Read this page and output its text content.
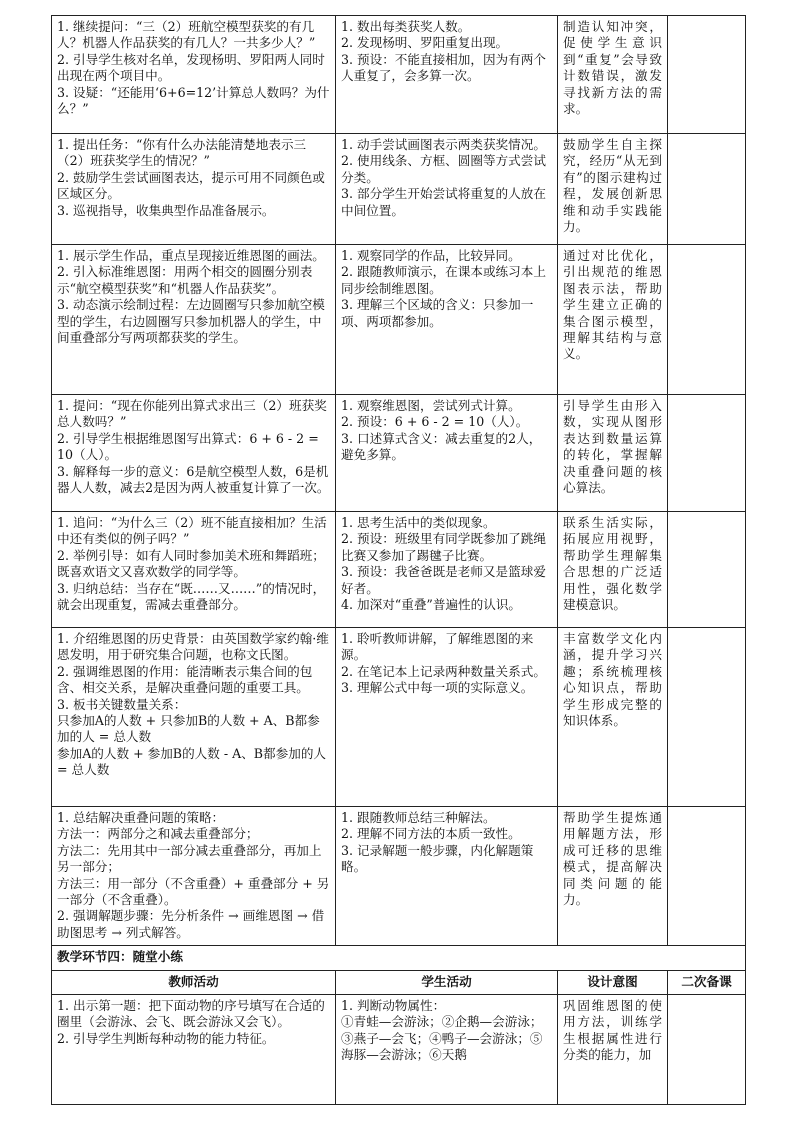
1. 继续提问：“三（2）班航空模型获奖的有几人？机器人作品获奖的有几人？一共多少人？”
2. 引导学生核对名单，发现杨明、罗阳两人同时出现在两个项目中。
3. 设疑：“还能用‘6+6=12’计算总人数吗？为什么？”	1. 数出每类获奖人数。
2. 发现杨明、罗阳重复出现。
3. 预设：不能直接相加，因为有两个人重复了，会多算一次。	制造认知冲突，促使学生意识到“重复”会导致计数错误，激发寻找新方法的需求。	

1. 提出任务：“你有什么办法能清楚地表示三（2）班获奖学生的情况？”
2. 鼓励学生尝试画图表达，提示可用不同颜色或区域区分。
3. 巡视指导，收集典型作品准备展示。	1. 动手尝试画图表示两类获奖情况。
2. 使用线条、方框、圆圈等方式尝试分类。
3. 部分学生开始尝试将重复的人放在中间位置。	鼓励学生自主探究，经历“从无到有”的图示建构过程，发展创新思维和动手实践能力。	

1. 展示学生作品，重点呈现接近维恩图的画法。
2. 引入标准维恩图：用两个相交的圆圈分别表示“航空模型获奖”和“机器人作品获奖”。
3. 动态演示绘制过程：左边圆圈写只参加航空模型的学生，右边圆圈写只参加机器人的学生，中间重叠部分写两项都获奖的学生。	1. 观察同学的作品，比较异同。
2. 跟随教师演示，在课本或练习本上同步绘制维恩图。
3. 理解三个区域的含义：只参加一项、两项都参加。	通过对比优化，引出规范的维恩图表示法，帮助学生建立正确的集合图示模型，理解其结构与意义。	

1. 提问：“现在你能列出算式求出三（2）班获奖总人数吗？”
2. 引导学生根据维恩图写出算式：6 + 6 - 2 = 10（人）。
3. 解释每一步的意义：6是航空模型人数，6是机器人人数，减去2是因为两人被重复计算了一次。	1. 观察维恩图，尝试列式计算。
2. 预设：6 + 6 - 2 = 10（人）。
3. 口述算式含义：减去重复的2人，避免多算。	引导学生由形入数，实现从图形表达到数量运算的转化，掌握解决重叠问题的核心算法。	

1. 追问：“为什么三（2）班不能直接相加？生活中还有类似的例子吗？”
2. 举例引导：如有人同时参加美术班和舞蹈班；既喜欢语文又喜欢数学的同学等。
3. 归纳总结：当存在“既……又……”的情况时，就会出现重复，需减去重叠部分。	1. 思考生活中的类似现象。
2. 预设：班级里有同学既参加了跳绳比赛又参加了踢毽子比赛。
3. 预设：我爸爸既是老师又是篮球爱好者。
4. 加深对“重叠”普遍性的认识。	联系生活实际，拓展应用视野，帮助学生理解集合思想的广泛适用性，强化数学建模意识。	

1. 介绍维恩图的历史背景：由英国数学家约翰·维恩发明，用于研究集合问题，也称文氏图。
2. 强调维恩图的作用：能清晰表示集合间的包含、相交关系，是解决重叠问题的重要工具。
3. 板书关键数量关系：
只参加A的人数 + 只参加B的人数 + A、B都参加的人 = 总人数
参加A的人数 + 参加B的人数 - A、B都参加的人 = 总人数	1. 聆听教师讲解，了解维恩图的来源。
2. 在笔记本上记录两种数量关系式。
3. 理解公式中每一项的实际意义。	丰富数学文化内涵，提升学习兴趣；系统梳理核心知识点，帮助学生形成完整的知识体系。	

1. 总结解决重叠问题的策略：
方法一：两部分之和减去重叠部分；
方法二：先用其中一部分减去重叠部分，再加上另一部分；
方法三：用一部分（不含重叠）+ 重叠部分 + 另一部分（不含重叠）。
2. 强调解题步骤：先分析条件 → 画维恩图 → 借助图思考 → 列式解答。	1. 跟随教师总结三种解法。
2. 理解不同方法的本质一致性。
3. 记录解题一般步骤，内化解题策略。	帮助学生提炼通用解题方法，形成可迁移的思维模式，提高解决同类问题的能力。	

教学环节四：随堂小练			
教师活动	学生活动	设计意图	二次备课

1. 出示第一题：把下面动物的序号填写在合适的圈里（会游泳、会飞、既会游泳又会飞）。
2. 引导学生判断每种动物的能力特征。	1. 判断动物属性：
①青蛙—会游泳；②企鹅—会游泳；③燕子—会飞；④鸭子—会游泳；⑤海豚—会游泳；⑥天鹅	巩固维恩图的使用方法，训练学生根据属性进行分类的能力，加	
